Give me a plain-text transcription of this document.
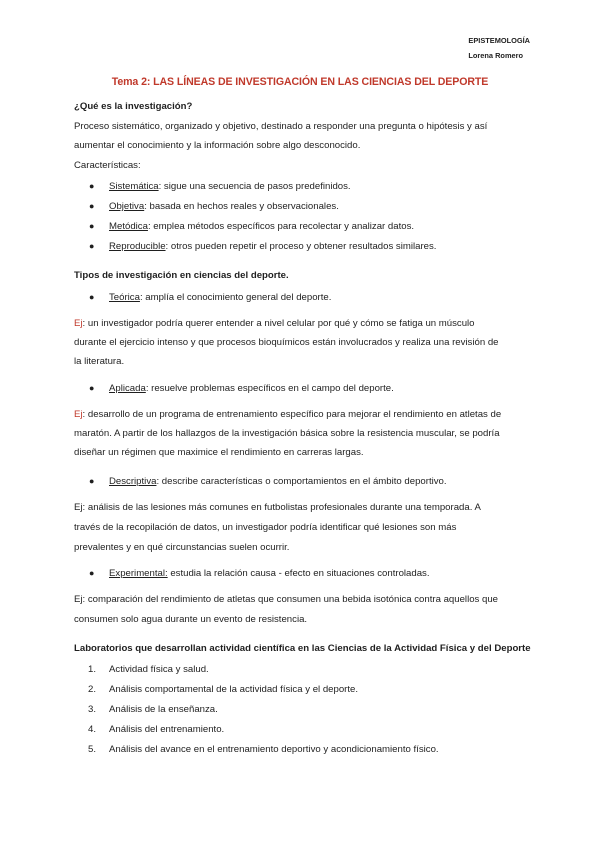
EPISTEMOLOGÍA
Lorena Romero
Tema 2: LAS LÍNEAS DE INVESTIGACIÓN EN LAS CIENCIAS DEL DEPORTE
¿Qué es la investigación?
Proceso sistemático, organizado y objetivo, destinado a responder una pregunta o hipótesis y así
aumentar el conocimiento y la información sobre algo desconocido.
Características:
●	Sistemática: sigue una secuencia de pasos predefinidos.
●	Objetiva: basada en hechos reales y observacionales.
●	Metódica: emplea métodos específicos para recolectar y analizar datos.
●	Reproducible: otros pueden repetir el proceso y obtener resultados similares.
Tipos de investigación en ciencias del deporte.
●	Teórica: amplía el conocimiento general del deporte.
Ej: un investigador podría querer entender a nivel celular por qué y cómo se fatiga un músculo
durante el ejercicio intenso y que procesos bioquímicos están involucrados y realiza una revisión de
la literatura.
●	Aplicada: resuelve problemas específicos en el campo del deporte.
Ej: desarrollo de un programa de entrenamiento específico para mejorar el rendimiento en atletas de
maratón. A partir de los hallazgos de la investigación básica sobre la resistencia muscular, se podría
diseñar un régimen que maximice el rendimiento en carreras largas.
●	Descriptiva: describe características o comportamientos en el ámbito deportivo.
Ej: análisis de las lesiones más comunes en futbolistas profesionales durante una temporada. A
través de la recopilación de datos, un investigador podría identificar qué lesiones son más
prevalentes y en qué circunstancias suelen ocurrir.
●	Experimental: estudia la relación causa - efecto en situaciones controladas.
Ej: comparación del rendimiento de atletas que consumen una bebida isotónica contra aquellos que
consumen solo agua durante un evento de resistencia.
Laboratorios que desarrollan actividad científica en las Ciencias de la Actividad Física y del Deporte
1. Actividad física y salud.
2. Análisis comportamental de la actividad física y el deporte.
3. Análisis de la enseñanza.
4. Análisis del entrenamiento.
5. Análisis del avance en el entrenamiento deportivo y acondicionamiento físico.
